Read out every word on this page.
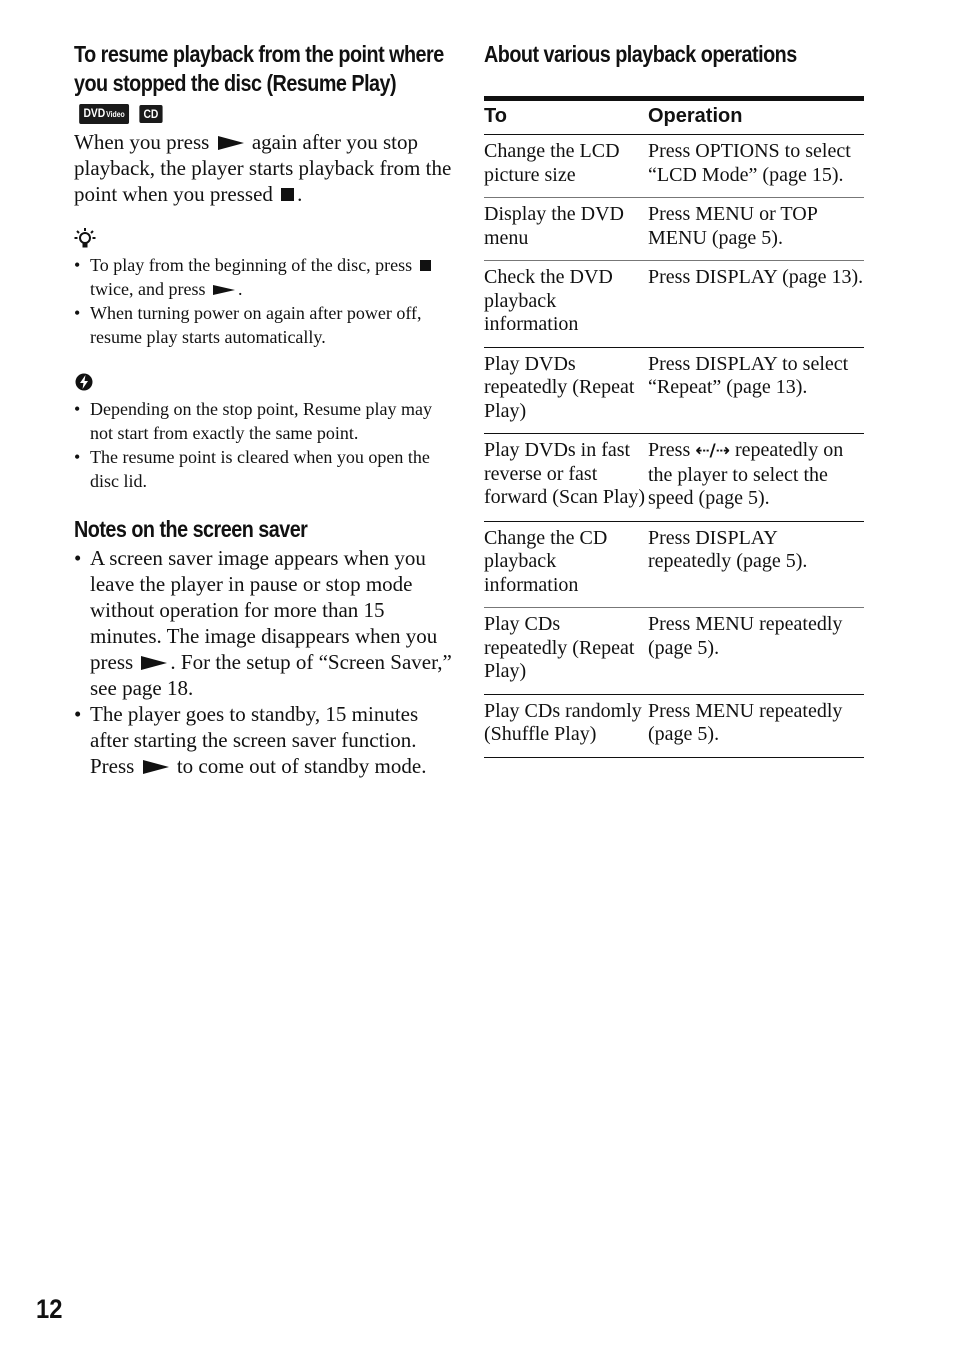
To resume playback from the point where you stopped the disc (Resume Play) DVDVideo CD

When you press again after you stop playback, the player starts playback from the point when you pressed .

• To play from the beginning of the disc, press  twice, and press .
• When turning power on again after power off, resume play starts automatically.
• Depending on the stop point, Resume play may not start from exactly the same point.
• The resume point is cleared when you open the disc lid.
Notes on the screen saver
• A screen saver image appears when you leave the player in pause or stop mode without operation for more than 15 minutes. The image disappears when you press . For the setup of “Screen Saver,” see page 18.
• The player goes to standby, 15 minutes after starting the screen saver function. Press to come out of standby mode.
About various playback operations
To	Operation
Change the LCD picture size	Press OPTIONS to select “LCD Mode” (page 15).
Display the DVD menu	Press MENU or TOP MENU (page 5).
Check the DVD playback information	Press DISPLAY (page 13).
Play DVDs repeatedly (Repeat Play)	Press DISPLAY to select “Repeat” (page 13).
Play DVDs in fast reverse or fast forward (Scan Play)	Press ⇠/⇢ repeatedly on the player to select the speed (page 5).
Change the CD playback information	Press DISPLAY repeatedly (page 5).
Play CDs repeatedly (Repeat Play)	Press MENU repeatedly (page 5).
Play CDs randomly (Shuffle Play)	Press MENU repeatedly (page 5).
12
